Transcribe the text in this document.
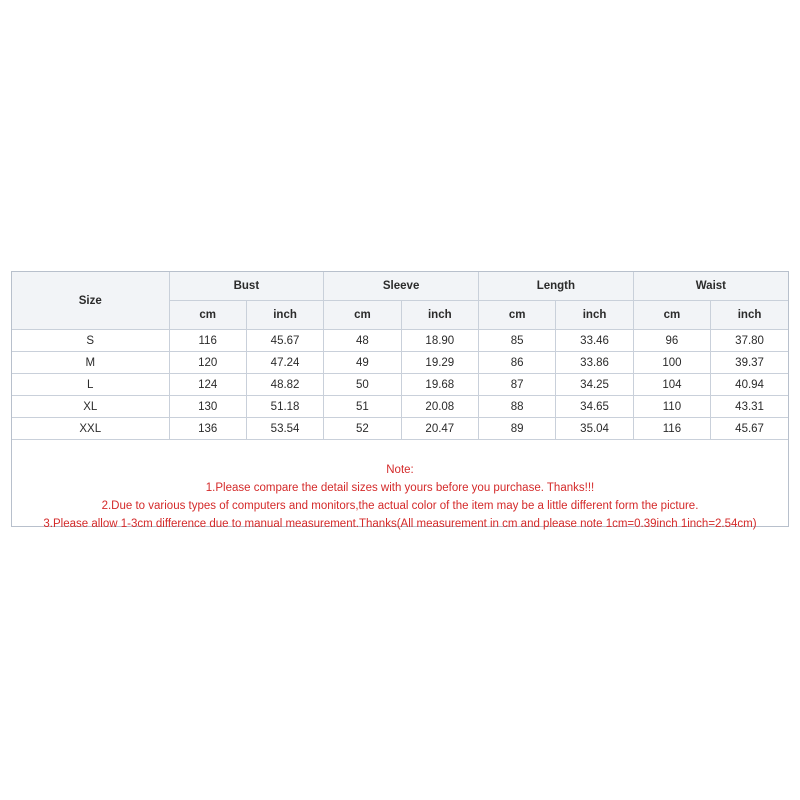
Size	Bust		Sleeve		Length		Waist	
	cm	inch	cm	inch	cm	inch	cm	inch
S	116	45.67	48	18.90	85	33.46	96	37.80
M	120	47.24	49	19.29	86	33.86	100	39.37
L	124	48.82	50	19.68	87	34.25	104	40.94
XL	130	51.18	51	20.08	88	34.65	110	43.31
XXL	136	53.54	52	20.47	89	35.04	116	45.67
Note:
1.Please compare the detail sizes with yours before you purchase. Thanks!!!
2.Due to various types of computers and monitors,the actual color of the item may be a little different form the picture.
3.Please allow 1-3cm difference due to manual measurement.Thanks(All measurement in cm and please note 1cm=0.39inch 1inch=2.54cm)
